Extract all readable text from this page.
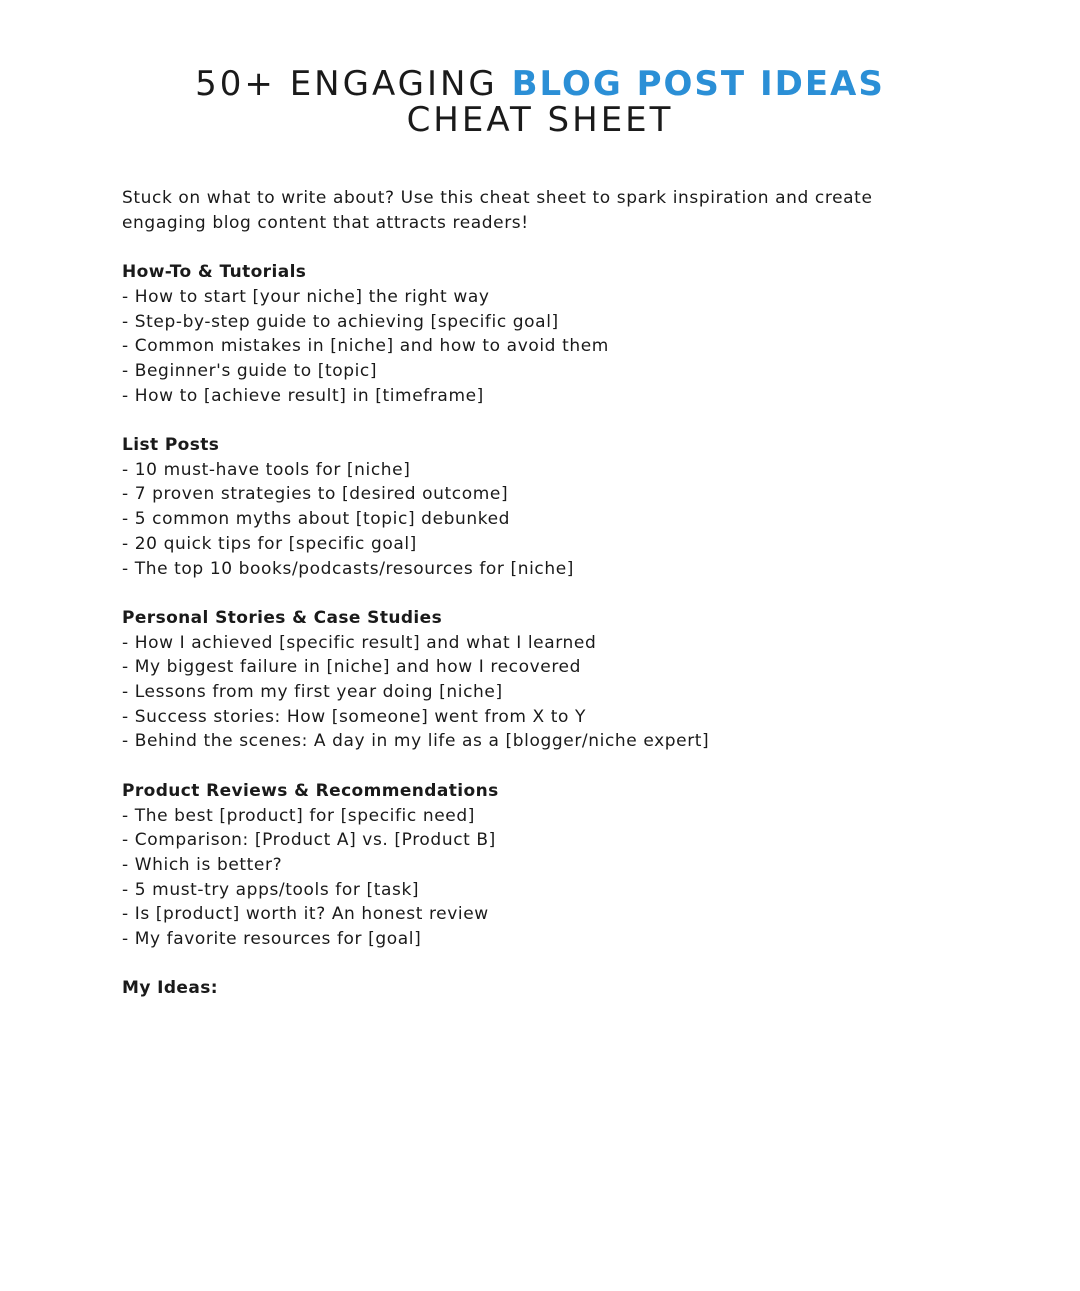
50+ ENGAGING BLOG POST IDEAS
CHEAT SHEET

Stuck on what to write about? Use this cheat sheet to spark inspiration and create
engaging blog content that attracts readers!

How-To & Tutorials

- How to start [your niche] the right way
- Step-by-step guide to achieving [specific goal]
- Common mistakes in [niche] and how to avoid them
- Beginner's guide to [topic]
- How to [achieve result] in [timeframe]

List Posts

- 10 must-have tools for [niche]
- 7 proven strategies to [desired outcome]
- 5 common myths about [topic] debunked
- 20 quick tips for [specific goal]
- The top 10 books/podcasts/resources for [niche]

Personal Stories & Case Studies

- How I achieved [specific result] and what I learned
- My biggest failure in [niche] and how I recovered
- Lessons from my first year doing [niche]
- Success stories: How [someone] went from X to Y
- Behind the scenes: A day in my life as a [blogger/niche expert]

Product Reviews & Recommendations

- The best [product] for [specific need]
- Comparison: [Product A] vs. [Product B]
- Which is better?
- 5 must-try apps/tools for [task]
- Is [product] worth it? An honest review
- My favorite resources for [goal]

My Ideas:
